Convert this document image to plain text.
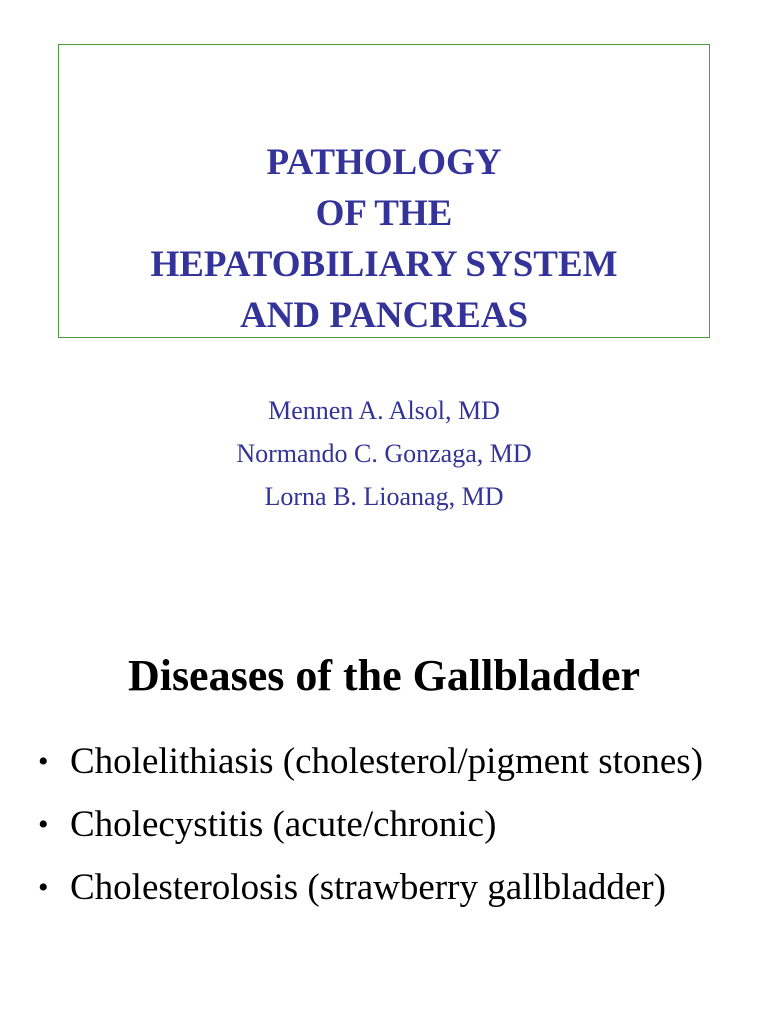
PATHOLOGY
OF THE
HEPATOBILIARY SYSTEM
AND PANCREAS
Mennen A. Alsol, MD
Normando C. Gonzaga, MD
Lorna B. Lioanag, MD
Diseases of the Gallbladder
• Cholelithiasis (cholesterol/pigment stones)
• Cholecystitis (acute/chronic)
• Cholesterolosis (strawberry gallbladder)
